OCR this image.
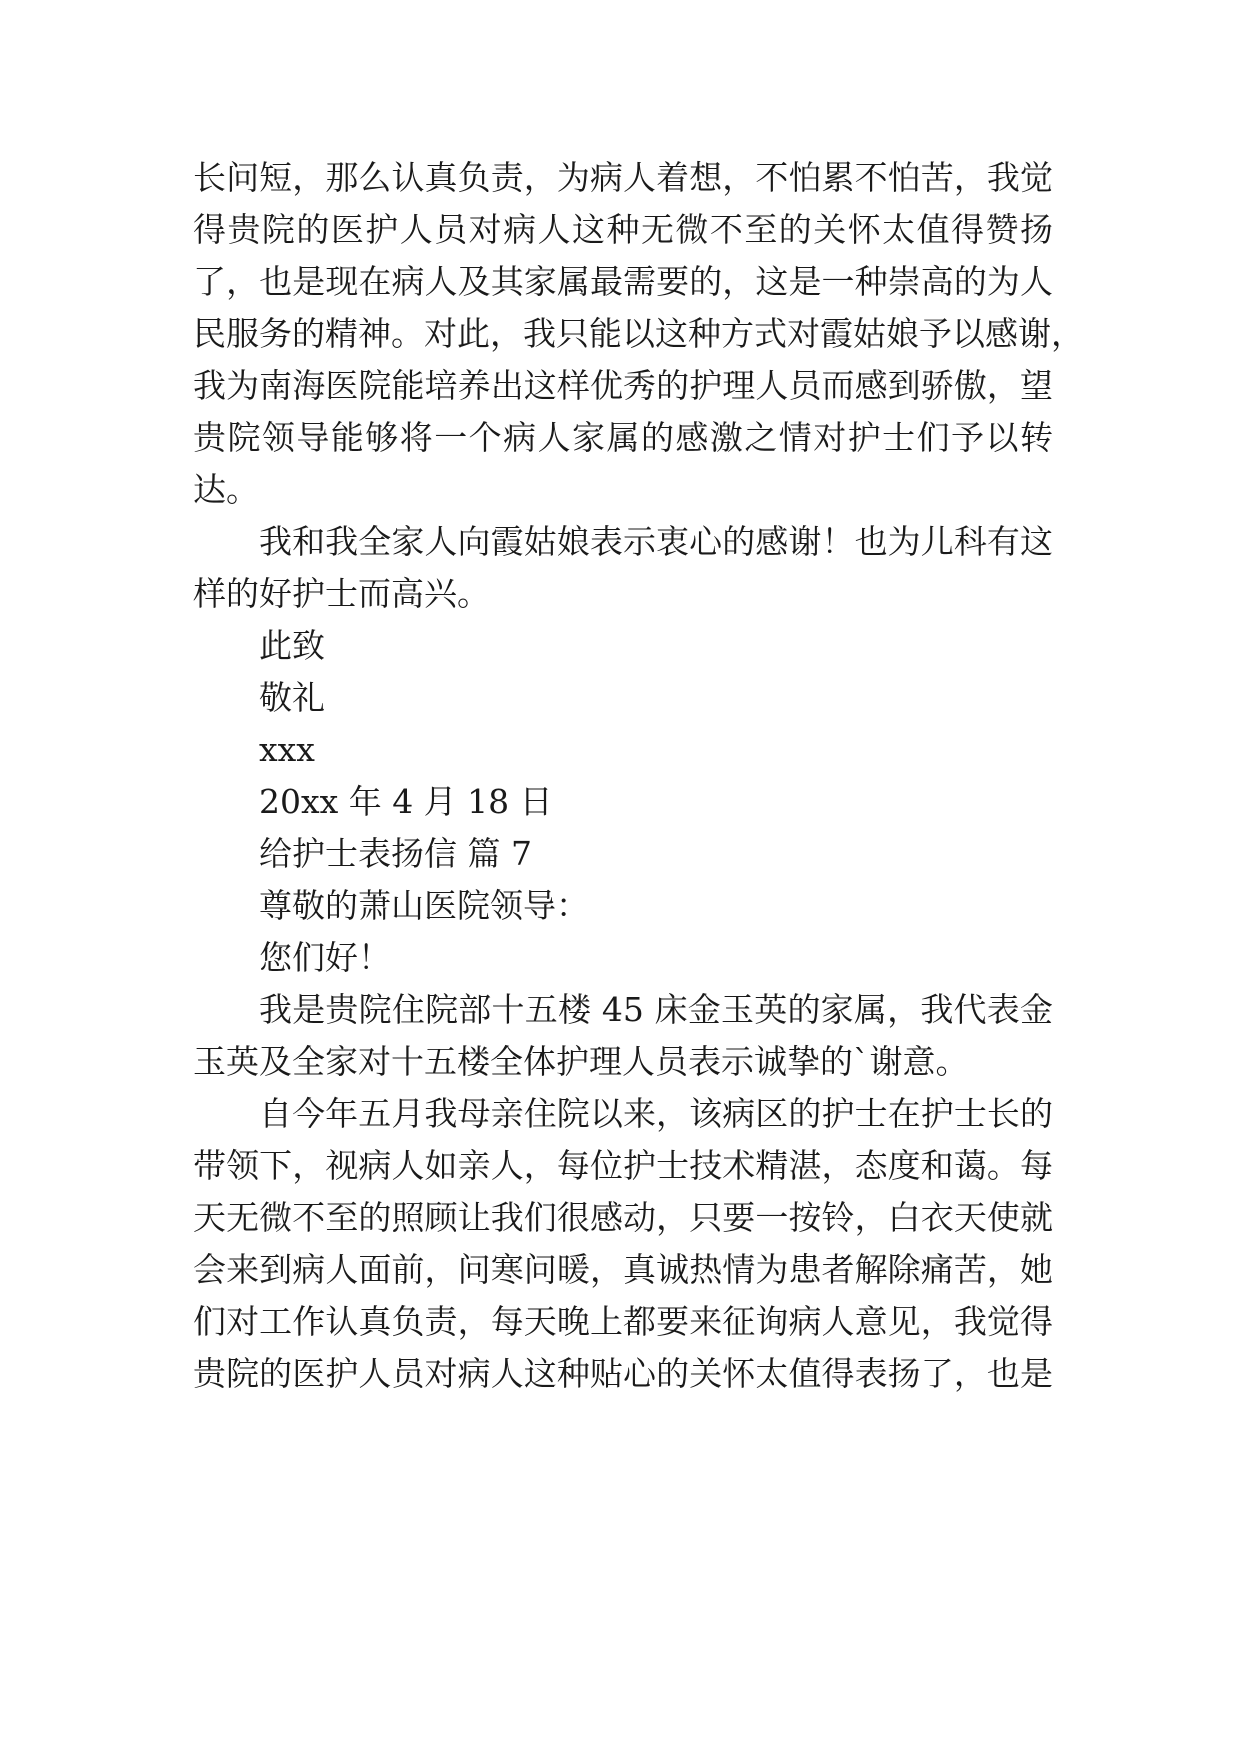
长问短，那么认真负责，为病人着想，不怕累不怕苦，我觉
得贵院的医护人员对病人这种无微不至的关怀太值得赞扬
了，也是现在病人及其家属最需要的，这是一种崇高的为人
民服务的精神。对此，我只能以这种方式对霞姑娘予以感谢，
我为南海医院能培养出这样优秀的护理人员而感到骄傲，望
贵院领导能够将一个病人家属的感激之情对护士们予以转
达。
我和我全家人向霞姑娘表示衷心的感谢！也为儿科有这
样的好护士而高兴。
此致
敬礼
xxx
20xx 年 4 月 18 日
给护士表扬信 篇 7
尊敬的萧山医院领导：
您们好！
我是贵院住院部十五楼 45 床金玉英的家属，我代表金
玉英及全家对十五楼全体护理人员表示诚挚的`谢意。
自今年五月我母亲住院以来，该病区的护士在护士长的
带领下，视病人如亲人，每位护士技术精湛，态度和蔼。每
天无微不至的照顾让我们很感动，只要一按铃，白衣天使就
会来到病人面前，问寒问暖，真诚热情为患者解除痛苦，她
们对工作认真负责，每天晚上都要来征询病人意见，我觉得
贵院的医护人员对病人这种贴心的关怀太值得表扬了，也是
